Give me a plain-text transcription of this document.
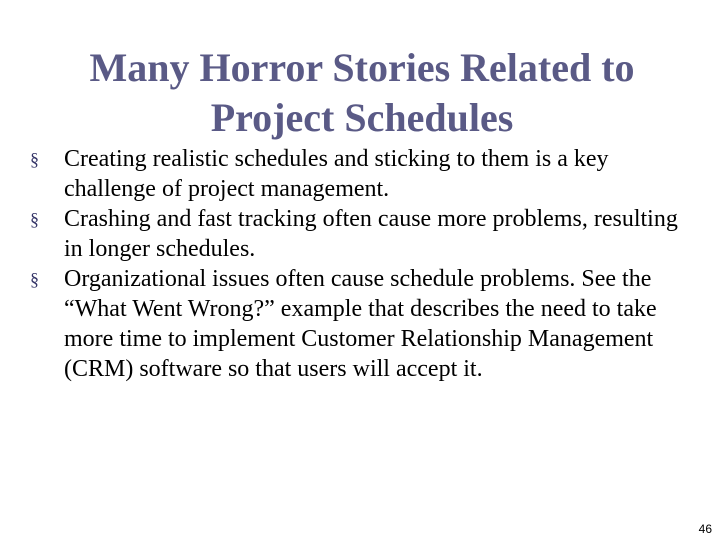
Many Horror Stories Related to
Project Schedules
§	Creating realistic schedules and sticking to them is a key challenge of project management.
§	Crashing and fast tracking often cause more problems, resulting in longer schedules.
§	Organizational issues often cause schedule problems. See the “What Went Wrong?” example that describes the need to take more time to implement Customer Relationship Management (CRM) software so that users will accept it.
46
